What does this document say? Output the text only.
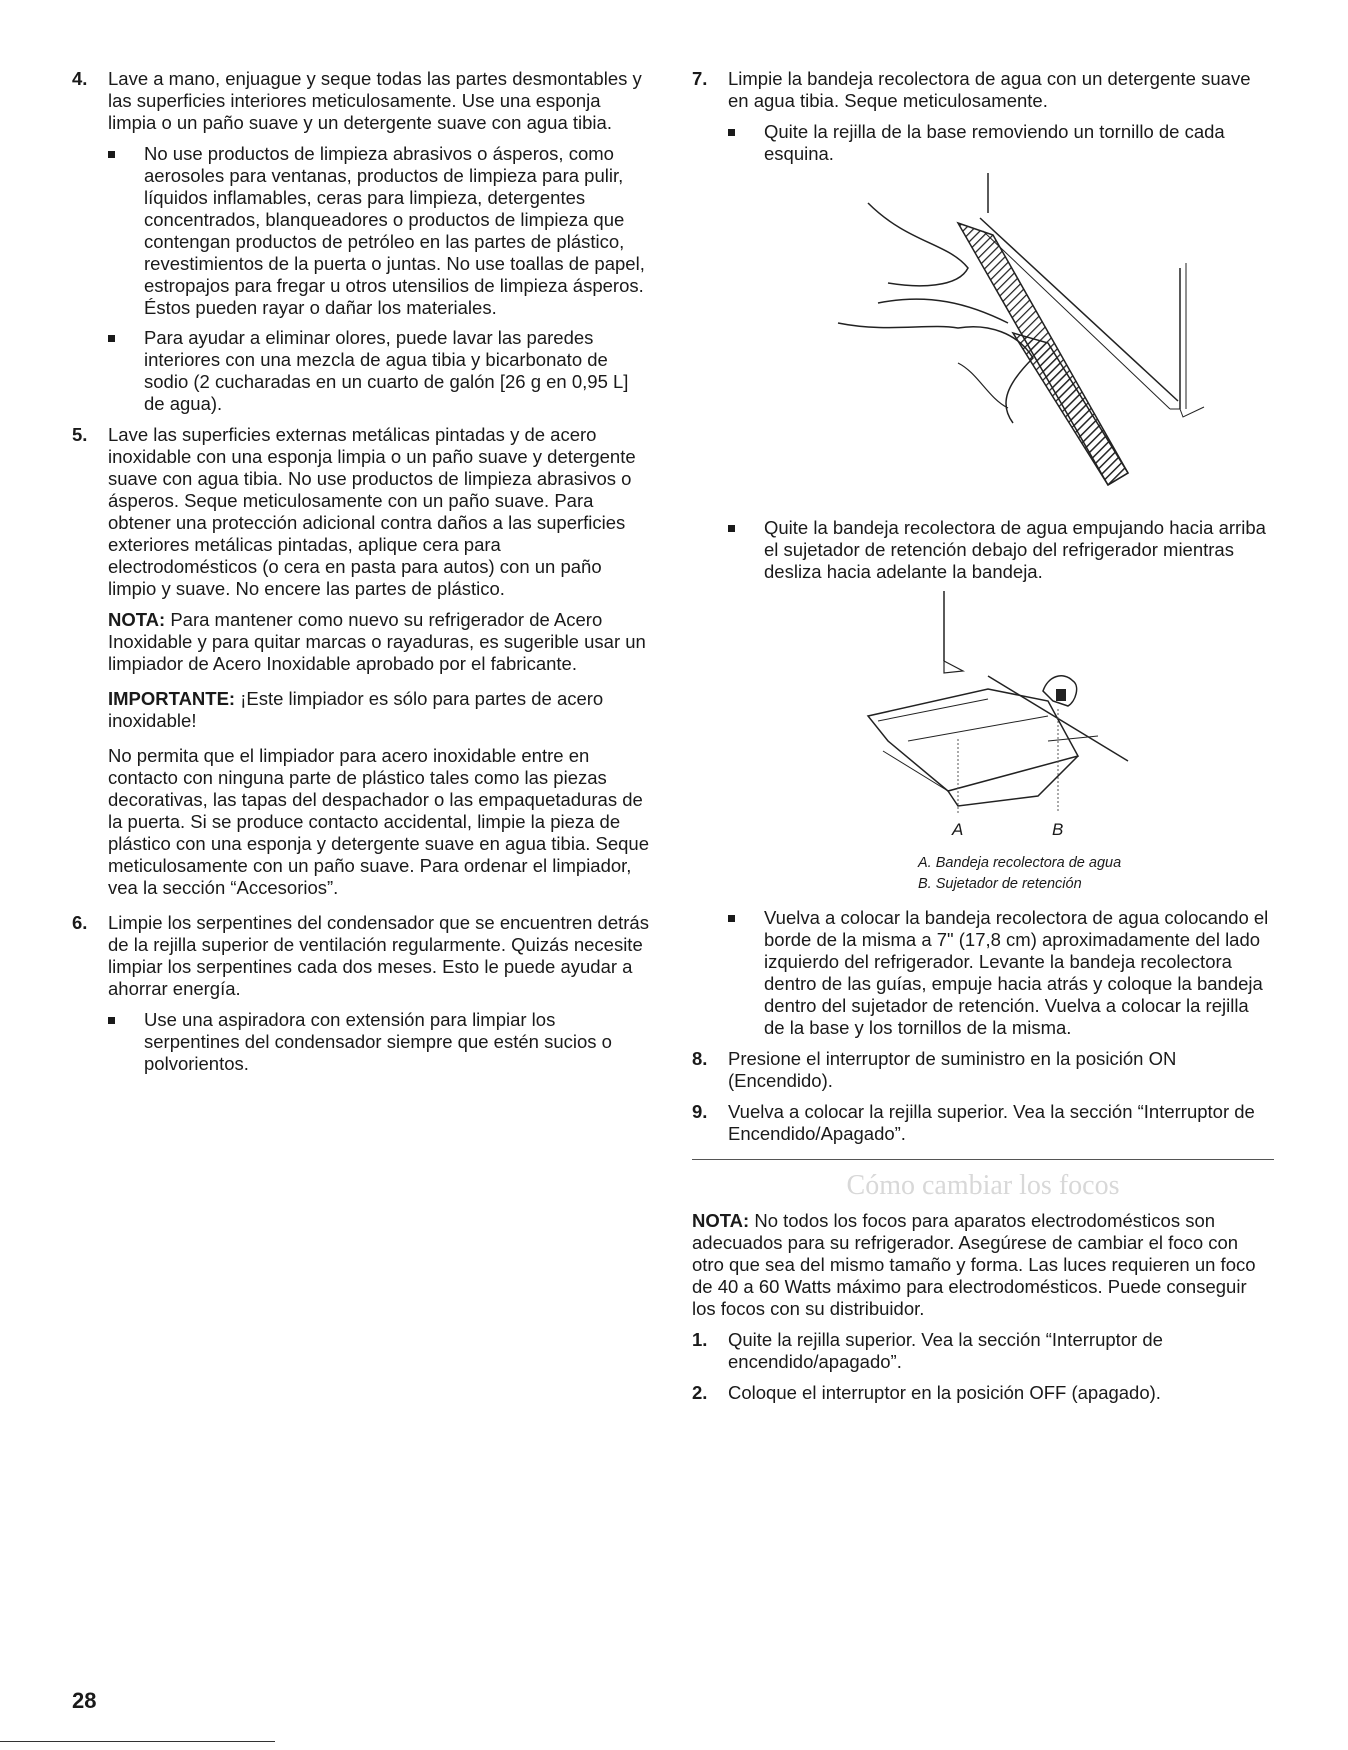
4. Lave a mano, enjuague y seque todas las partes desmontables y las superficies interiores meticulosamente. Use una esponja limpia o un paño suave y un detergente suave con agua tibia.

No use productos de limpieza abrasivos o ásperos, como aerosoles para ventanas, productos de limpieza para pulir, líquidos inflamables, ceras para limpieza, detergentes concentrados, blanqueadores o productos de limpieza que contengan productos de petróleo en las partes de plástico, revestimientos de la puerta o juntas. No use toallas de papel, estropajos para fregar u otros utensilios de limpieza ásperos. Éstos pueden rayar o dañar los materiales.
Para ayudar a eliminar olores, puede lavar las paredes interiores con una mezcla de agua tibia y bicarbonato de sodio (2 cucharadas en un cuarto de galón [26 g en 0,95 L] de agua).
5. Lave las superficies externas metálicas pintadas y de acero inoxidable con una esponja limpia o un paño suave y detergente suave con agua tibia. No use productos de limpieza abrasivos o ásperos. Seque meticulosamente con un paño suave. Para obtener una protección adicional contra daños a las superficies exteriores metálicas pintadas, aplique cera para electrodomésticos (o cera en pasta para autos) con un paño limpio y suave. No encere las partes de plástico.

NOTA: Para mantener como nuevo su refrigerador de Acero Inoxidable y para quitar marcas o rayaduras, es sugerible usar un limpiador de Acero Inoxidable aprobado por el fabricante.
IMPORTANTE: ¡Este limpiador es sólo para partes de acero inoxidable!
No permita que el limpiador para acero inoxidable entre en contacto con ninguna parte de plástico tales como las piezas decorativas, las tapas del despachador o las empaquetaduras de la puerta. Si se produce contacto accidental, limpie la pieza de plástico con una esponja y detergente suave en agua tibia. Seque meticulosamente con un paño suave. Para ordenar el limpiador, vea la sección “Accesorios”.
6. Limpie los serpentines del condensador que se encuentren detrás de la rejilla superior de ventilación regularmente. Quizás necesite limpiar los serpentines cada dos meses. Esto le puede ayudar a ahorrar energía.

Use una aspiradora con extensión para limpiar los serpentines del condensador siempre que estén sucios o polvorientos.
7. Limpie la bandeja recolectora de agua con un detergente suave en agua tibia. Seque meticulosamente.

Quite la rejilla de la base removiendo un tornillo de cada esquina.
Quite la bandeja recolectora de agua empujando hacia arriba el sujetador de retención debajo del refrigerador mientras desliza hacia adelante la bandeja.
A	B
A. Bandeja recolectora de agua
B. Sujetador de retención
Vuelva a colocar la bandeja recolectora de agua colocando el borde de la misma a 7" (17,8 cm) aproximadamente del lado izquierdo del refrigerador. Levante la bandeja recolectora dentro de las guías, empuje hacia atrás y coloque la bandeja dentro del sujetador de retención. Vuelva a colocar la rejilla de la base y los tornillos de la misma.
8. Presione el interruptor de suministro en la posición ON (Encendido).

9. Vuelva a colocar la rejilla superior. Vea la sección “Interruptor de Encendido/Apagado”.

Cómo cambiar los focos

NOTA: No todos los focos para aparatos electrodomésticos son adecuados para su refrigerador. Asegúrese de cambiar el foco con otro que sea del mismo tamaño y forma. Las luces requieren un foco de 40 a 60 Watts máximo para electrodomésticos. Puede conseguir los focos con su distribuidor.

1. Quite la rejilla superior. Vea la sección “Interruptor de encendido/apagado”.

2. Coloque el interruptor en la posición OFF (apagado).

28
